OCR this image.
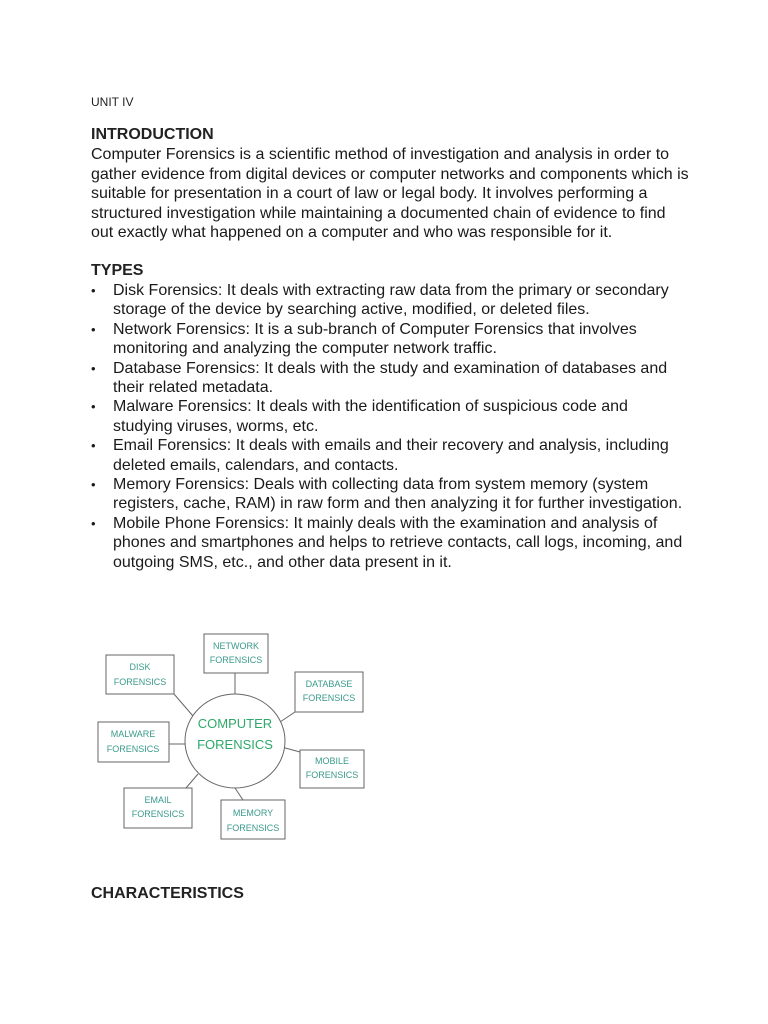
UNIT IV
INTRODUCTION

Computer Forensics is a scientific method of investigation and analysis in order to gather evidence from digital devices or computer networks and components which is suitable for presentation in a court of law or legal body. It involves performing a structured investigation while maintaining a documented chain of evidence to find out exactly what happened on a computer and who was responsible for it.

TYPES
•	Disk Forensics: It deals with extracting raw data from the primary or secondary storage of the device by searching active, modified, or deleted files.
•	Network Forensics: It is a sub-branch of Computer Forensics that involves monitoring and analyzing the computer network traffic.
•	Database Forensics: It deals with the study and examination of databases and their related metadata.
•	Malware Forensics: It deals with the identification of suspicious code and studying viruses, worms, etc.
•	Email Forensics: It deals with emails and their recovery and analysis, including deleted emails, calendars, and contacts.
•	Memory Forensics: Deals with collecting data from system memory (system registers, cache, RAM) in raw form and then analyzing it for further investigation.
•	Mobile Phone Forensics: It mainly deals with the examination and analysis of phones and smartphones and helps to retrieve contacts, call logs, incoming, and outgoing SMS, etc., and other data present in it.
COMPUTER
FORENSICS
NETWORK
FORENSICS
DISK
FORENSICS	DATABASE
FORENSICS
MALWARE
FORENSICS
MOBILE
FORENSICS
EMAIL
FORENSICS	MEMORY
FORENSICS
CHARACTERISTICS
